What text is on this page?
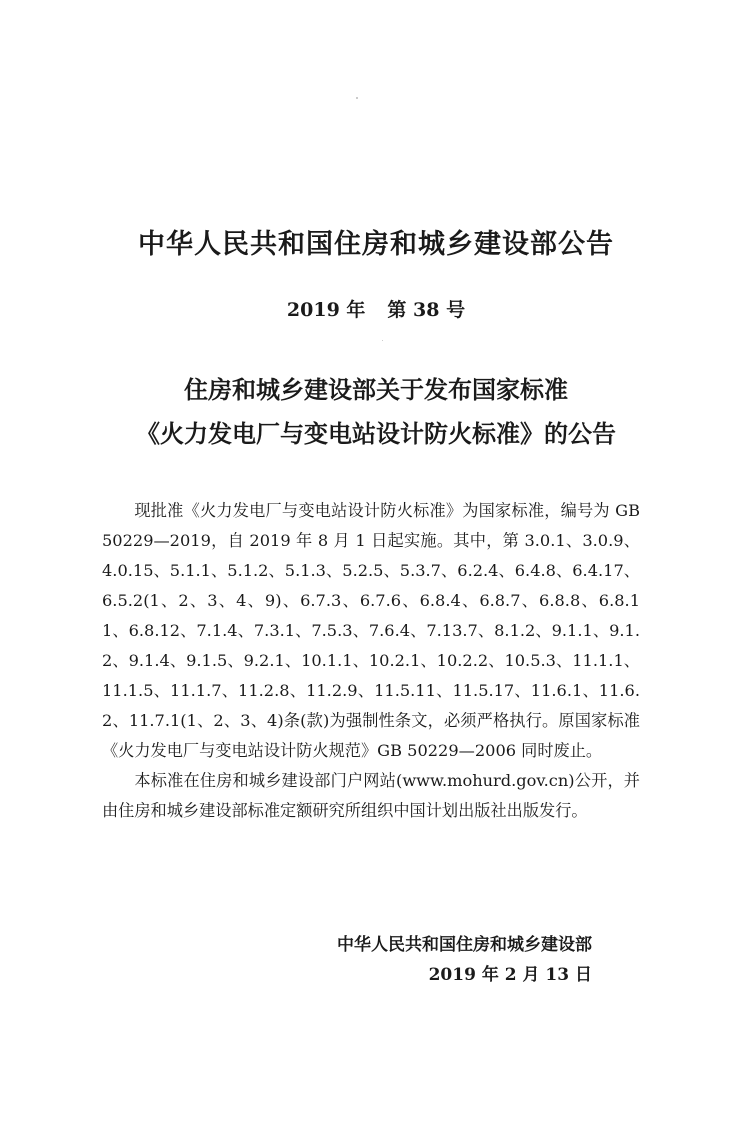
中华人民共和国住房和城乡建设部公告
2019 年 第 38 号
住房和城乡建设部关于发布国家标准
《火力发电厂与变电站设计防火标准》的公告

现批准《火力发电厂与变电站设计防火标准》为国家标准，编号为 GB 50229—2019，自 2019 年 8 月 1 日起实施。其中，第 3.0.1、3.0.9、4.0.15、5.1.1、5.1.2、5.1.3、5.2.5、5.3.7、6.2.4、6.4.8、6.4.17、6.5.2(1、2、3、4、9)、6.7.3、6.7.6、6.8.4、6.8.7、6.8.8、6.8.11、6.8.12、7.1.4、7.3.1、7.5.3、7.6.4、7.13.7、8.1.2、9.1.1、9.1.2、9.1.4、9.1.5、9.2.1、10.1.1、10.2.1、10.2.2、10.5.3、11.1.1、11.1.5、11.1.7、11.2.8、11.2.9、11.5.11、11.5.17、11.6.1、11.6.2、11.7.1(1、2、3、4)条(款)为强制性条文，必须严格执行。原国家标准《火力发电厂与变电站设计防火规范》GB 50229—2006 同时废止。

本标准在住房和城乡建设部门户网站(www.mohurd.gov.cn)公开，并由住房和城乡建设部标准定额研究所组织中国计划出版社出版发行。

中华人民共和国住房和城乡建设部
2019 年 2 月 13 日
